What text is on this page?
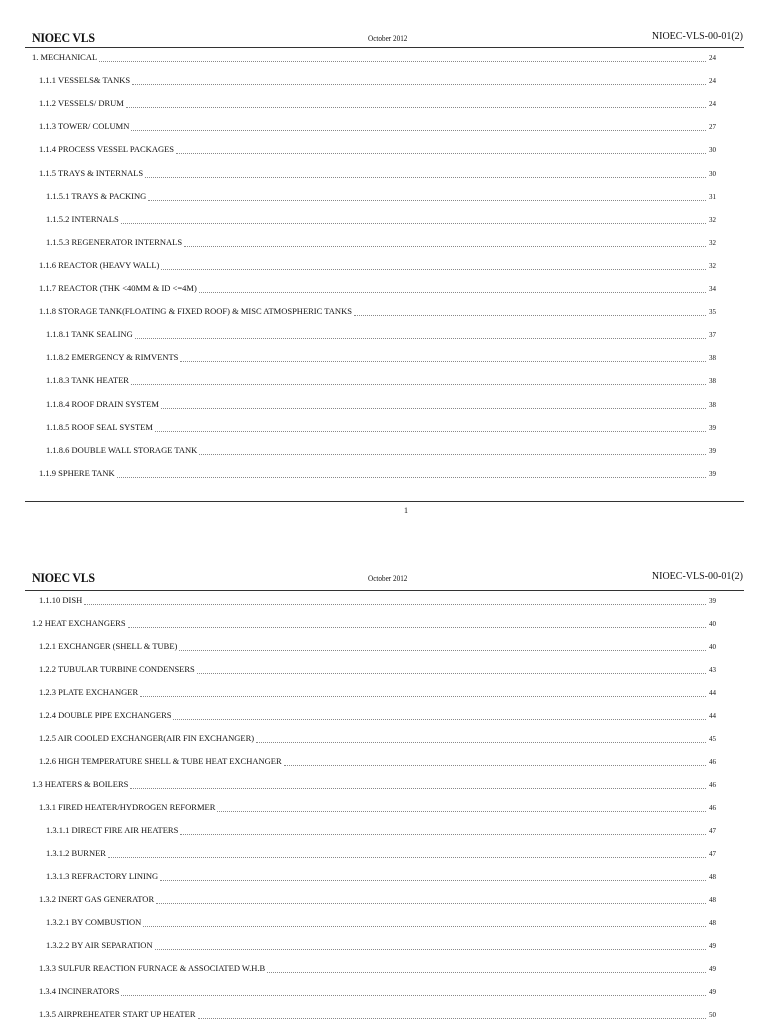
NIOEC VLS	October 2012	NIOEC-VLS-00-01(2)
1. MECHANICAL	24
1.1.1 VESSELS& TANKS	24
1.1.2 VESSELS/ DRUM	24
1.1.3 TOWER/ COLUMN	27
1.1.4 PROCESS VESSEL PACKAGES	30
1.1.5 TRAYS & INTERNALS	30
1.1.5.1 TRAYS & PACKING	31
1.1.5.2 INTERNALS	32
1.1.5.3 REGENERATOR INTERNALS	32
1.1.6 REACTOR (HEAVY WALL)	32
1.1.7 REACTOR (THK <40MM & ID <=4M)	34
1.1.8 STORAGE TANK(FLOATING & FIXED ROOF) & MISC ATMOSPHERIC TANKS	35
1.1.8.1 TANK SEALING	37
1.1.8.2 EMERGENCY & RIMVENTS	38
1.1.8.3 TANK HEATER	38
1.1.8.4 ROOF DRAIN SYSTEM	38
1.1.8.5 ROOF SEAL SYSTEM	39
1.1.8.6 DOUBLE WALL STORAGE TANK	39
1.1.9 SPHERE TANK	39
1
NIOEC VLS	October 2012	NIOEC-VLS-00-01(2)
1.1.10 DISH	39
1.2 HEAT EXCHANGERS	40
1.2.1 EXCHANGER (SHELL & TUBE)	40
1.2.2 TUBULAR TURBINE CONDENSERS	43
1.2.3 PLATE EXCHANGER	44
1.2.4 DOUBLE PIPE EXCHANGERS	44
1.2.5 AIR COOLED EXCHANGER(AIR FIN EXCHANGER)	45
1.2.6 HIGH TEMPERATURE SHELL & TUBE HEAT EXCHANGER	46
1.3 HEATERS & BOILERS	46
1.3.1 FIRED HEATER/HYDROGEN REFORMER	46
1.3.1.1 DIRECT FIRE AIR HEATERS	47
1.3.1.2 BURNER	47
1.3.1.3 REFRACTORY LINING	48
1.3.2 INERT GAS GENERATOR	48
1.3.2.1 BY COMBUSTION	48
1.3.2.2 BY AIR SEPARATION	49
1.3.3 SULFUR REACTION FURNACE & ASSOCIATED W.H.B	49
1.3.4 INCINERATORS	49
1.3.5 AIRPREHEATER START UP HEATER	50
